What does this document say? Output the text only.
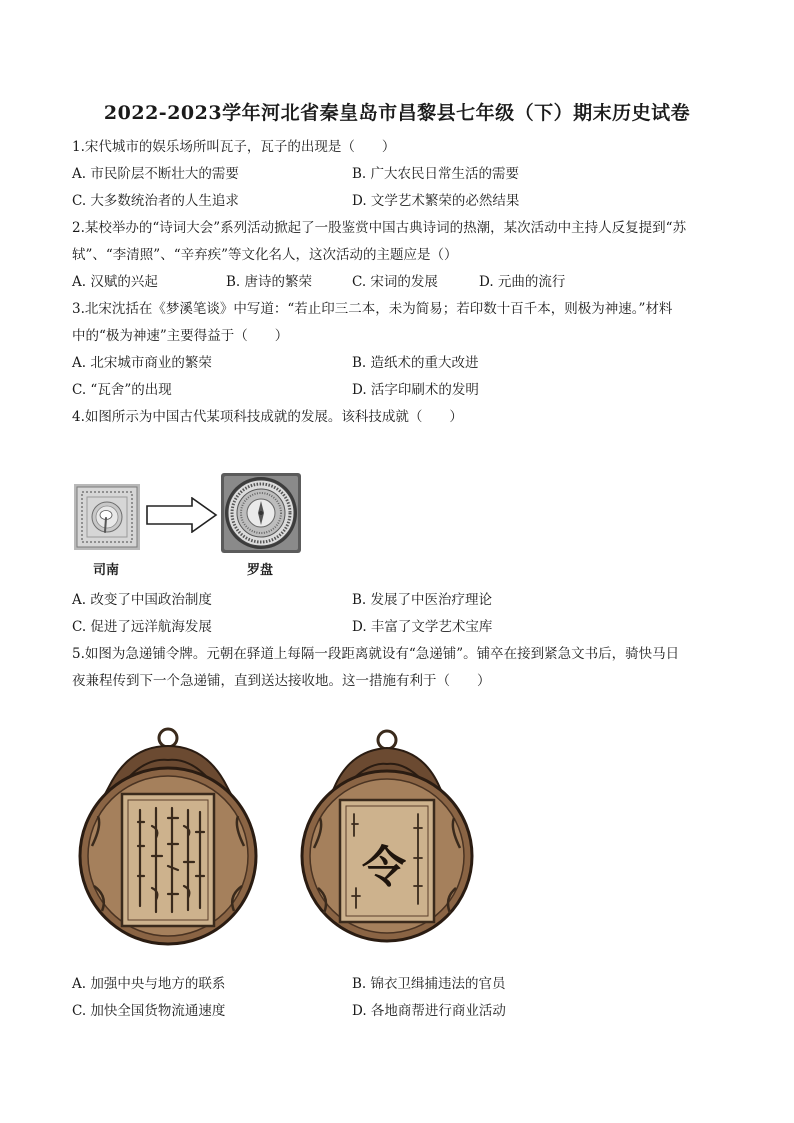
2022-2023学年河北省秦皇岛市昌黎县七年级（下）期末历史试卷
1.宋代城市的娱乐场所叫瓦子，瓦子的出现是（　　）
A. 市民阶层不断壮大的需要	B. 广大农民日常生活的需要
C. 大多数统治者的人生追求	D. 文学艺术繁荣的必然结果
2.某校举办的“诗词大会”系列活动掀起了一股鉴赏中国古典诗词的热潮，某次活动中主持人反复提到“苏
轼”、“李清照”、“辛弃疾”等文化名人，这次活动的主题应是（）
A. 汉赋的兴起	B. 唐诗的繁荣	C. 宋词的发展	D. 元曲的流行
3.北宋沈括在《梦溪笔谈》中写道：“若止印三二本，未为简易；若印数十百千本，则极为神速。”材料
中的“极为神速”主要得益于（　　）
A. 北宋城市商业的繁荣	B. 造纸术的重大改进
C. “瓦舍”的出现	D. 活字印刷术的发明
4.如图所示为中国古代某项科技成就的发展。该科技成就（　　）
司南	罗盘
A. 改变了中国政治制度	B. 发展了中医治疗理论
C. 促进了远洋航海发展	D. 丰富了文学艺术宝库
5.如图为急递铺令牌。元朝在驿道上每隔一段距离就设有“急递铺”。铺卒在接到紧急文书后，骑快马日
夜兼程传到下一个急递铺，直到送达接收地。这一措施有利于（　　）
令
A. 加强中央与地方的联系	B. 锦衣卫缉捕违法的官员
C. 加快全国货物流通速度	D. 各地商帮进行商业活动
